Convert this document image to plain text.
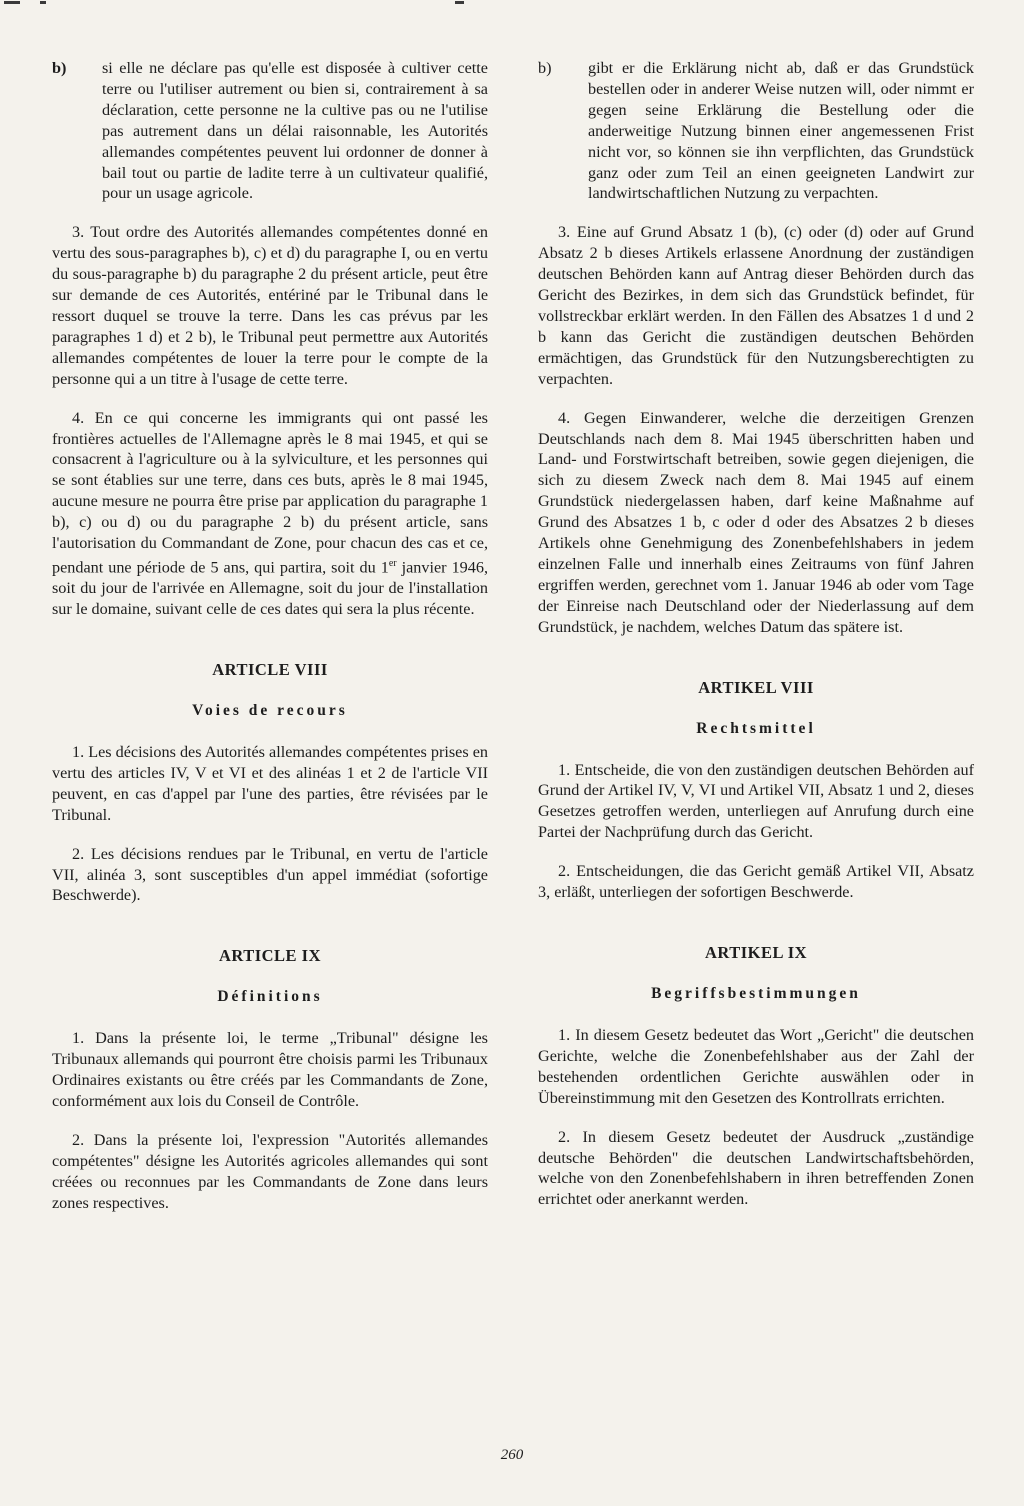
b)	si elle ne déclare pas qu'elle est disposée à cultiver cette terre ou l'utiliser autrement ou bien si, contrairement à sa déclaration, cette personne ne la cultive pas ou ne l'utilise pas autrement dans un délai raisonnable, les Autorités allemandes compétentes peuvent lui ordonner de donner à bail tout ou partie de ladite terre à un cultivateur qualifié, pour un usage agricole.

3. Tout ordre des Autorités allemandes compétentes donné en vertu des sous-paragraphes b), c) et d) du paragraphe I, ou en vertu du sous-paragraphe b) du paragraphe 2 du présent article, peut être sur demande de ces Autorités, entériné par le Tribunal dans le ressort duquel se trouve la terre. Dans les cas prévus par les paragraphes 1 d) et 2 b), le Tribunal peut permettre aux Autorités allemandes compétentes de louer la terre pour le compte de la personne qui a un titre à l'usage de cette terre.

4. En ce qui concerne les immigrants qui ont passé les frontières actuelles de l'Allemagne après le 8 mai 1945, et qui se consacrent à l'agriculture ou à la sylviculture, et les personnes qui se sont établies sur une terre, dans ces buts, après le 8 mai 1945, aucune mesure ne pourra être prise par application du paragraphe 1 b), c) ou d) ou du paragraphe 2 b) du présent article, sans l'autorisation du Commandant de Zone, pour chacun des cas et ce, pendant une période de 5 ans, qui partira, soit du 1er janvier 1946, soit du jour de l'arrivée en Allemagne, soit du jour de l'installation sur le domaine, suivant celle de ces dates qui sera la plus récente.

ARTICLE VIII
Voies de recours

1. Les décisions des Autorités allemandes compétentes prises en vertu des articles IV, V et VI et des alinéas 1 et 2 de l'article VII peuvent, en cas d'appel par l'une des parties, être révisées par le Tribunal.

2. Les décisions rendues par le Tribunal, en vertu de l'article VII, alinéa 3, sont susceptibles d'un appel immédiat (sofortige Beschwerde).

ARTICLE IX
Définitions

1. Dans la présente loi, le terme „Tribunal" désigne les Tribunaux allemands qui pourront être choisis parmi les Tribunaux Ordinaires existants ou être créés par les Commandants de Zone, conformément aux lois du Conseil de Contrôle.

2. Dans la présente loi, l'expression "Autorités allemandes compétentes" désigne les Autorités agricoles allemandes qui sont créées ou reconnues par les Commandants de Zone dans leurs zones respectives.

b)	gibt er die Erklärung nicht ab, daß er das Grundstück bestellen oder in anderer Weise nutzen will, oder nimmt er gegen seine Erklärung die Bestellung oder die anderweitige Nutzung binnen einer angemessenen Frist nicht vor, so können sie ihn verpflichten, das Grundstück ganz oder zum Teil an einen geeigneten Landwirt zur landwirtschaftlichen Nutzung zu verpachten.

3. Eine auf Grund Absatz 1 (b), (c) oder (d) oder auf Grund Absatz 2 b dieses Artikels erlassene Anordnung der zuständigen deutschen Behörden kann auf Antrag dieser Behörden durch das Gericht des Bezirkes, in dem sich das Grundstück befindet, für vollstreckbar erklärt werden. In den Fällen des Absatzes 1 d und 2 b kann das Gericht die zuständigen deutschen Behörden ermächtigen, das Grundstück für den Nutzungsberechtigten zu verpachten.

4. Gegen Einwanderer, welche die derzeitigen Grenzen Deutschlands nach dem 8. Mai 1945 überschritten haben und Land- und Forstwirtschaft betreiben, sowie gegen diejenigen, die sich zu diesem Zweck nach dem 8. Mai 1945 auf einem Grundstück niedergelassen haben, darf keine Maßnahme auf Grund des Absatzes 1 b, c oder d oder des Absatzes 2 b dieses Artikels ohne Genehmigung des Zonenbefehlshabers in jedem einzelnen Falle und innerhalb eines Zeitraums von fünf Jahren ergriffen werden, gerechnet vom 1. Januar 1946 ab oder vom Tage der Einreise nach Deutschland oder der Niederlassung auf dem Grundstück, je nachdem, welches Datum das spätere ist.

ARTIKEL VIII
Rechtsmittel

1. Entscheide, die von den zuständigen deutschen Behörden auf Grund der Artikel IV, V, VI und Artikel VII, Absatz 1 und 2, dieses Gesetzes getroffen werden, unterliegen auf Anrufung durch eine Partei der Nachprüfung durch das Gericht.

2. Entscheidungen, die das Gericht gemäß Artikel VII, Absatz 3, erläßt, unterliegen der sofortigen Beschwerde.

ARTIKEL IX
Begriffsbestimmungen

1. In diesem Gesetz bedeutet das Wort „Gericht" die deutschen Gerichte, welche die Zonenbefehlshaber aus der Zahl der bestehenden ordentlichen Gerichte auswählen oder in Übereinstimmung mit den Gesetzen des Kontrollrats errichten.

2. In diesem Gesetz bedeutet der Ausdruck „zuständige deutsche Behörden" die deutschen Landwirtschaftsbehörden, welche von den Zonenbefehlshabern in ihren betreffenden Zonen errichtet oder anerkannt werden.

260
